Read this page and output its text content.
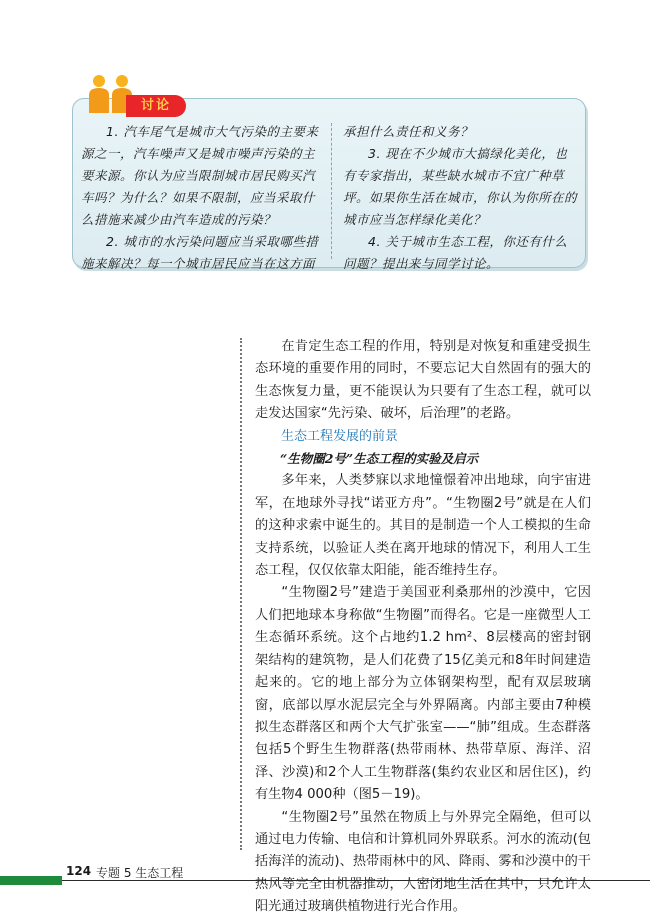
1. 汽车尾气是城市大气污染的主要来源之一，汽车噪声又是城市噪声污染的主要来源。你认为应当限制城市居民购买汽车吗？为什么？如果不限制，应当采取什么措施来减少由汽车造成的污染？

2. 城市的水污染问题应当采取哪些措施来解决？每一个城市居民应当在这方面

承担什么责任和义务？

3. 现在不少城市大搞绿化美化，也有专家指出，某些缺水城市不宜广种草坪。如果你生活在城市，你认为你所在的城市应当怎样绿化美化？

4. 关于城市生态工程，你还有什么问题？提出来与同学讨论。

讨论

在肯定生态工程的作用，特别是对恢复和重建受损生态环境的重要作用的同时，不要忘记大自然固有的强大的生态恢复力量，更不能误认为只要有了生态工程，就可以走发达国家“先污染、破坏，后治理”的老路。

生态工程发展的前景
“生物圈2号”生态工程的实验及启示

多年来，人类梦寐以求地憧憬着冲出地球，向宇宙进军，在地球外寻找“诺亚方舟”。“生物圈2号”就是在人们的这种求索中诞生的。其目的是制造一个人工模拟的生命支持系统，以验证人类在离开地球的情况下，利用人工生态工程，仅仅依靠太阳能，能否维持生存。

“生物圈2号”建造于美国亚利桑那州的沙漠中，它因人们把地球本身称做“生物圈”而得名。它是一座微型人工生态循环系统。这个占地约1.2 hm²、8层楼高的密封钢架结构的建筑物，是人们花费了15亿美元和8年时间建造起来的。它的地上部分为立体钢架构型，配有双层玻璃窗，底部以厚水泥层完全与外界隔离。内部主要由7种模拟生态群落区和两个大气扩张室——“肺”组成。生态群落包括5个野生生物群落(热带雨林、热带草原、海洋、沼泽、沙漠)和2个人工生物群落(集约农业区和居住区)，约有生物4 000种（图5－19)。

“生物圈2号”虽然在物质上与外界完全隔绝，但可以通过电力传输、电信和计算机同外界联系。河水的流动(包括海洋的流动)、热带雨林中的风、降雨、雾和沙漠中的干热风等完全由机器推动，人密闭地生活在其中，只允许太阳光通过玻璃供植物进行光合作用。

124 专题 5 生态工程
